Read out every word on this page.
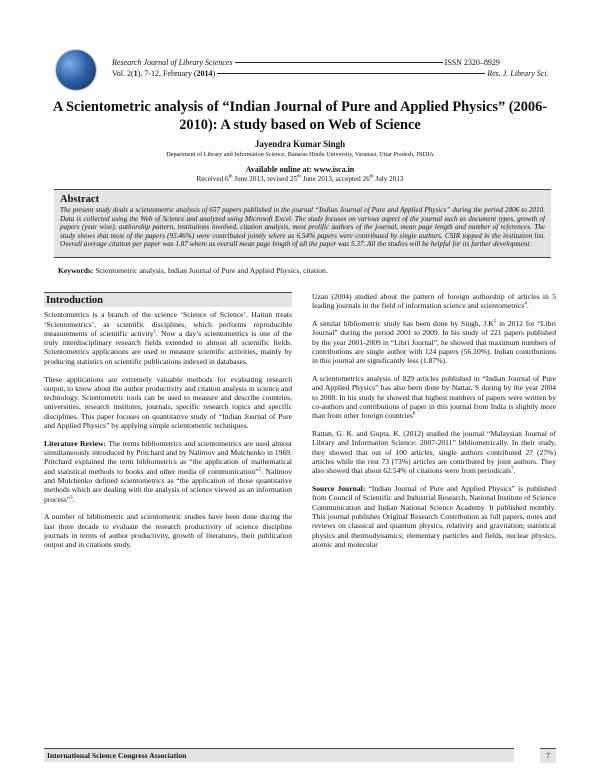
Research Journal of Library Sciences	ISSN 2320–8929
Vol. 2(1), 7-12, February (2014)	Res. J. Library Sci.
A Scientometric analysis of “Indian Journal of Pure and Applied Physics” (2006-2010): A study based on Web of Science
Jayendra Kumar Singh
Department of Library and Information Science, Banaras Hindu University, Varanasi, Uttar Pradesh, INDIA
Available online at: www.isca.in
Received 6th June 2013, revised 25th June 2013, accepted 26th July 2013
Abstract

The present study deals a scientometric analysis of 657 papers published in the journal “Indian Journal of Pure and Applied Physics” during the period 2006 to 2010. Data is collected using the Web of Science and analyzed using Microsoft Excel. The study focuses on various aspect of the journal such as document types, growth of papers (year wise), authorship pattern, institutions involved, citation analysis, most prolific authors of the journal, mean page length and number of references. The study shows that most of the papers (93.46%) were contributed jointly where as 6.54% papers were contributed by single authors. CSIR topped in the institution list. Overall average citation per paper was 1.87 where as overall mean page length of all the paper was 5.37. All the studies will be helpful for its further development.

Keywords: Scientometric analysis, Indian Journal of Pure and Applied Physics, citation.
Introduction

Scientometrics is a branch of the science ‘Science of Science’. Haitun treats ‘Scientometrics’, as scientific disciplines, which performs reproducible measurements of scientific activity$^1$. Now a day’s scientometrics is one of the truly interdisciplinary research fields extended to almost all scientific fields. Scientometrics applications are used to measure scientific activities, mainly by producing statistics on scientific publications indexed in databases.

These applications are extremely valuable methods for evaluating research output, to know about the author productivity and citation analysis in science and technology. Scientometric tools can be used to measure and describe countries, universities, research institutes, journals, specific research topics and specific disciplines. This paper focuses on quantitative study of “Indian Journal of Pure and Applied Physics” by applying simple scientometric techniques.

Literature Review: The terms bibliometrics and scientometrics are used almost simultaneously introduced by Pritchard and by Nalimov and Mulchenko in 1969. Pritchard explained the term bibliometrics as “the application of mathematical and statistical methods to books and other media of communication”$^2$. Nalimov and Mulchenko defined scientometrics as “the application of those quantitative methods which are dealing with the analysis of science viewed as an information process”$^3$.

A number of bibliometric and scientometric studies have been done during the last three decade to evaluate the research productivity of science discipline journals in terms of author productivity, growth of literatures, their publication output and in citations study.

Uzan (2004) studied about the pattern of foreign authorship of articles in 5 leading journals in the field of information science and scientometrics$^4$.

A similar bibliometric study has been done by Singh, $J.K^5$ in 2012 for “Libri Journal” during the period 2001 to 2009. In his study of 221 papers published by the year 2001-2009 in “Libri Journal”, he showed that maximum numbers of contributions are single author with 124 papers (56.10%). Indian contributions in this journal are significantly less (1.87%).

A scientometrics analysis of 829 articles published in “Indian Journal of Pure and Applied Physics” has also been done by Nattar, S during by the year 2004 to 2008. In his study he showed that highest numbers of papers were written by co-authors and contributions of paper in this journal from India is slightly more than from other foreign countries$^6$

Rattan, G. K. and Gupta, K. (2012) studied the journal “Malaysian Journal of Library and Information Science: 2007-2011” bibliometrically. In their study, they showed that out of 100 articles, single authors contributed 27 (27%) articles while the rest 73 (73%) articles are contributed by joint authors. They also showed that about 62.54% of citations were from periodicals$^7$.

Source Journal: “Indian Journal of Pure and Applied Physics” is published from Council of Scientific and Industrial Research, National Institute of Science Communication and Indian National Science Academy. It published monthly. This journal publishes Original Research Contribution as full papers, notes and reviews on classical and quantum physics, relativity and gravitation; statistical physics and thermodynamics; elementary particles and fields, nuclear physics, atomic and molecular

International Science Congress Association	7
